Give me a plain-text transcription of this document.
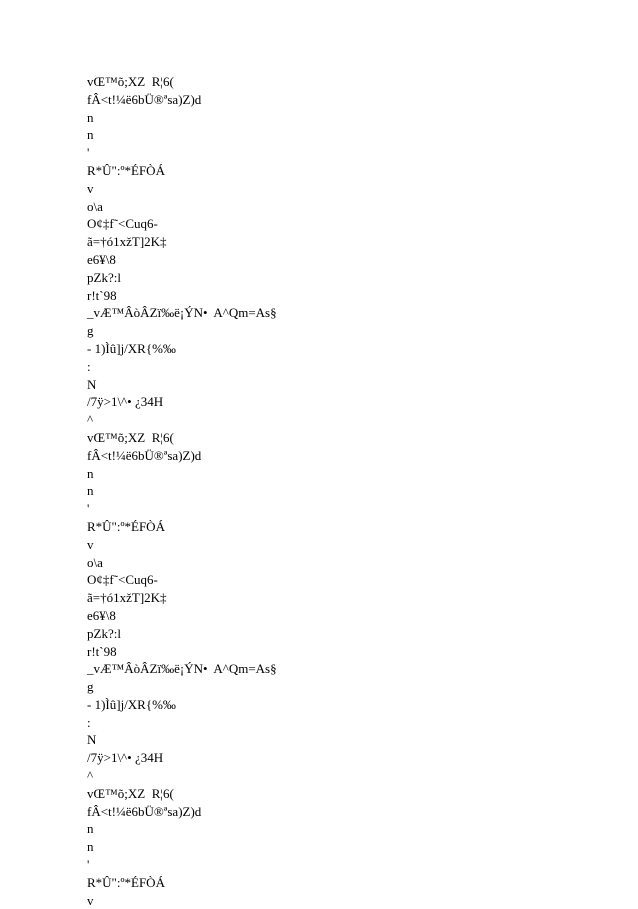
vŒ™õ;XZ  R¦6(
fÂ<t!¼ë6bÜ®ªsa)Z)d
n
n
'
R*Û":º*ÉFÒÁ
v
o\a
O¢‡f˜<Cuq6-
ã=†ó1xžT]2K‡
e6¥\8
pZk?:l
r!t`98
_vÆ™ÂòÂZï‰ë¡ÝN•  A^Qm=As§
g
- 1)Ìû]j/XR{%‰
:
N
/7ÿ>1\^• ¿34H
^
vŒ™õ;XZ  R¦6(
fÂ<t!¼ë6bÜ®ªsa)Z)d
n
n
'
R*Û":º*ÉFÒÁ
v
o\a
O¢‡f˜<Cuq6-
ã=†ó1xžT]2K‡
e6¥\8
pZk?:l
r!t`98
_vÆ™ÂòÂZï‰ë¡ÝN•  A^Qm=As§
g
- 1)Ìû]j/XR{%‰
:
N
/7ÿ>1\^• ¿34H
^
vŒ™õ;XZ  R¦6(
fÂ<t!¼ë6bÜ®ªsa)Z)d
n
n
'
R*Û":º*ÉFÒÁ
v
